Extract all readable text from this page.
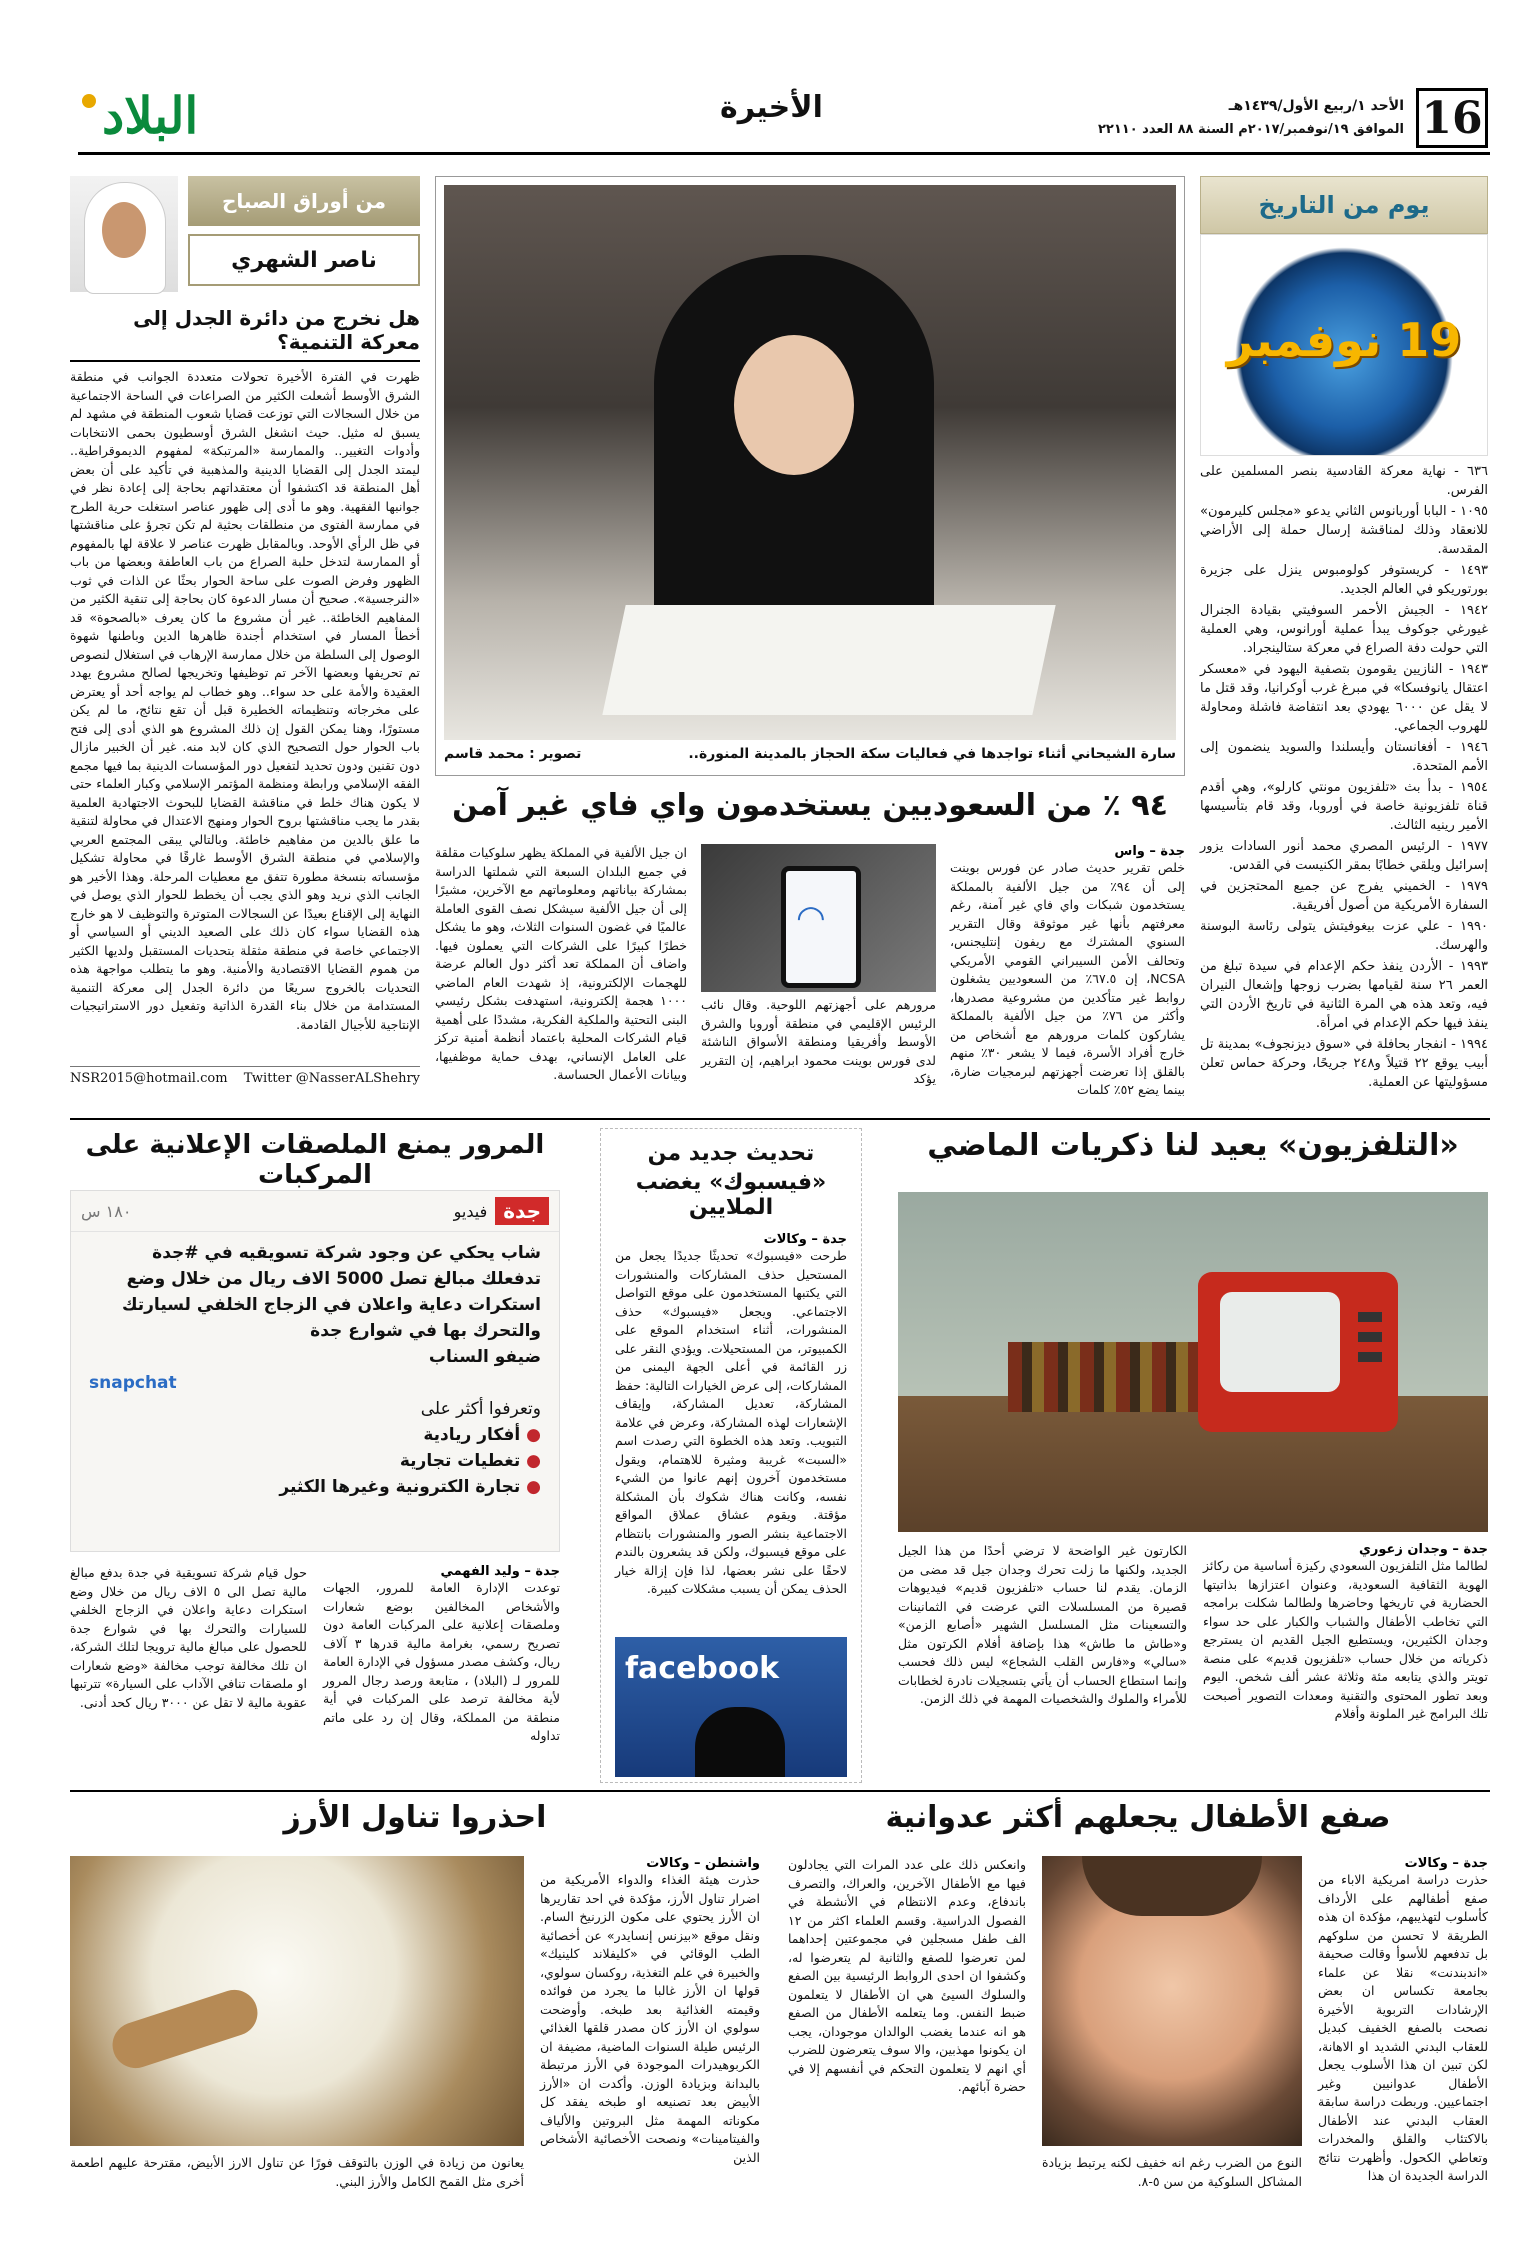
16
الأحد ١/ربيع الأول/١٤٣٩هـ
الموافق ١٩/نوفمبر/٢٠١٧م السنة ٨٨ العدد ٢٢١١٠
الأخيرة
البلاد
يوم من التاريخ
19 نوفمبر

٦٣٦ - نهاية معركة القادسية بنصر المسلمين على الفرس.

١٠٩٥ - البابا أوربانوس الثاني يدعو «مجلس كليرمون» للانعقاد وذلك لمناقشة إرسال حملة إلى الأراضي المقدسة.

١٤٩٣ - كريستوفر كولومبوس ينزل على جزيرة بورتوريكو في العالم الجديد.

١٩٤٢ - الجيش الأحمر السوفيتي بقيادة الجنرال غيورغي جوكوف يبدأ عملية أورانوس، وهي العملية التي حولت دفة الصراع في معركة ستالينجراد.

١٩٤٣ - النازيين يقومون بتصفية اليهود في «معسكر اعتقال يانوفسكا» في مبرغ غرب أوكرانيا، وقد قتل ما لا يقل عن ٦٠٠٠ يهودي بعد انتفاضة فاشلة ومحاولة للهروب الجماعي.

١٩٤٦ - أفغانستان وأيسلندا والسويد ينضمون إلى الأمم المتحدة.

١٩٥٤ - بدأ بث «تلفزيون مونتي كارلو»، وهي أقدم قناة تلفزيونية خاصة في أوروبا، وقد قام بتأسيسها الأمير رينيه الثالث.

١٩٧٧ - الرئيس المصري محمد أنور السادات يزور إسرائيل ويلقي خطابًا بمقر الكنيست في القدس.

١٩٧٩ - الخميني يفرج عن جميع المحتجزين في السفارة الأمريكية من أصول أفريقية.

١٩٩٠ - علي عزت بيغوفيتش يتولى رئاسة البوسنة والهرسك.

١٩٩٣ - الأردن ينفذ حكم الإعدام في سيدة تبلغ من العمر ٢٦ سنة لقيامها بضرب زوجها وإشعال النيران فيه، وتعد هذه هي المرة الثانية في تاريخ الأردن التي ينفذ فيها حكم الإعدام في امرأة.

١٩٩٤ - انفجار بحافلة في «سوق ديزنجوف» بمدينة تل أبيب يوقع ٢٢ قتيلاً و٢٤٨ جريحًا، وحركة حماس تعلن مسؤوليتها عن العملية.

سارة الشيحاني أثناء تواجدها في فعاليات سكة الحجاز بالمدينة المنورة..
تصوير : محمد قاسم
من أوراق الصباح
ناصر الشهري
هل نخرج من دائرة الجدل إلى معركة التنمية؟
ظهرت في الفترة الأخيرة تحولات متعددة الجوانب في منطقة الشرق الأوسط أشعلت الكثير من الصراعات في الساحة الاجتماعية من خلال السجالات التي توزعت قضايا شعوب المنطقة في مشهد لم يسبق له مثيل. حيث انشغل الشرق أوسطيون بحمى الانتخابات وأدوات التغيير.. والممارسة «المرتبكة» لمفهوم الديموقراطية.. ليمتد الجدل إلى القضايا الدينية والمذهبية في تأكيد على أن بعض أهل المنطقة قد اكتشفوا أن معتقداتهم بحاجة إلى إعادة نظر في جوانبها الفقهية. وهو ما أدى إلى ظهور عناصر استغلت حرية الطرح في ممارسة الفتوى من منطلقات بحثية لم تكن تجرؤ على مناقشتها في ظل الرأي الأوحد. وبالمقابل ظهرت عناصر لا علاقة لها بالمفهوم أو الممارسة لتدخل حلبة الصراع من باب العاطفة وبعضها من باب الظهور وفرض الصوت على ساحة الحوار بحثًا عن الذات في ثوب «النرجسية». صحيح أن مسار الدعوة كان بحاجة إلى تنقية الكثير من المفاهيم الخاطئة.. غير أن مشروع ما كان يعرف «بالصحوة» قد أخطأ المسار في استخدام أجندة ظاهرها الدين وباطنها شهوة الوصول إلى السلطة من خلال ممارسة الإرهاب في استغلال لنصوص تم تحريفها وبعضها الآخر تم توظيفها وتخريجها لصالح مشروع يهدد العقيدة والأمة على حد سواء.. وهو خطاب لم يواجه أحد أو يعترض على مخرجاته وتنظيماته الخطيرة قبل أن تقع نتائج، ما لم يكن مستورًا، وهنا يمكن القول إن ذلك المشروع هو الذي أدى إلى فتح باب الحوار حول التصحيح الذي كان لابد منه. غير أن الخبير مازال دون تقنين ودون تحديد لتفعيل دور المؤسسات الدينية بما فيها مجمع الفقه الإسلامي ورابطة ومنظمة المؤتمر الإسلامي وكبار العلماء حتى لا يكون هناك خلط في مناقشة القضايا للبحوث الاجتهادية العلمية بقدر ما يجب مناقشتها بروح الحوار ومنهج الاعتدال في محاولة لتنقية ما علق بالدين من مفاهيم خاطئة. وبالتالي يبقى المجتمع العربي والإسلامي في منطقة الشرق الأوسط غارقًا في محاولة تشكيل مؤسساته بنسخة مطورة تتفق مع معطيات المرحلة. وهذا الأخير هو الجانب الذي نريد وهو الذي يجب أن يخطط للحوار الذي يوصل في النهاية إلى الإقناع بعيدًا عن السجالات المتوترة والتوظيف لا هو خارج هذه القضايا سواء كان ذلك على الصعيد الديني أو السياسي أو الاجتماعي خاصة في منطقة مثقلة بتحديات المستقبل ولديها الكثير من هموم القضايا الاقتصادية والأمنية. وهو ما يتطلب مواجهة هذه التحديات بالخروج سريعًا من دائرة الجدل إلى معركة التنمية المستدامة من خلال بناء القدرة الذاتية وتفعيل دور الاستراتيجيات الإنتاجية للأجيال القادمة.
NSR2015@hotmail.com Twitter @NasserALShehry
٩٤ ٪ من السعوديين يستخدمون واي فاي غير آمن
جدة – واس
خلص تقرير حديث صادر عن فورس بوينت إلى أن ٩٤٪ من جيل الألفية بالمملكة يستخدمون شبكات واي فاي غير آمنة، رغم معرفتهم بأنها غير موثوقة وقال التقرير السنوي المشترك مع ريفون إنتليجنس، وتحالف الأمن السيبراني القومي الأمريكي NCSA، إن ٦٧.٥٪ من السعوديين يشغلون روابط غير متأكدين من مشروعية مصدرها، وأكثر من ٧٦٪ من جيل الألفية بالمملكة يشاركون كلمات مرورهم مع أشخاص من خارج أفراد الأسرة، فيما لا يشعر ٣٠٪ منهم بالقلق إذا تعرضت أجهزتهم لبرمجيات ضارة، بينما يضع ٥٢٪ كلمات
◠
مرورهم على أجهزتهم اللوحية. وقال نائب الرئيس الإقليمي في منطقة أوروبا والشرق الأوسط وأفريقيا ومنطقة الأسواق الناشئة لدى فورس بوينت محمود ابراهيم، إن التقرير يؤكد
ان جيل الألفية في المملكة يظهر سلوكيات مقلقة في جميع البلدان السبعة التي شملتها الدراسة بمشاركة بياناتهم ومعلوماتهم مع الآخرين، مشيرًا إلى أن جيل الألفية سيشكل نصف القوى العاملة عالميًا في غضون السنوات الثلاث، وهو ما يشكل خطرًا كبيرًا على الشركات التي يعملون فيها. واضاف أن المملكة تعد أكثر دول العالم عرضة للهجمات الإلكترونية، إذ شهدت العام الماضي ١٠٠٠ هجمة إلكترونية، استهدفت بشكل رئيسي البنى التحتية والملكية الفكرية، مشددًا على أهمية قيام الشركات المحلية باعتماد أنظمة أمنية تركز على العامل الإنساني، بهدف حماية موظفيها، وبيانات الأعمال الحساسة.
المرور يمنع الملصقات الإعلانية على المركبات
جدة
فيديو
١٨٠ س
شاب يحكي عن وجود شركة تسويقيه في #جدة
تدفعلك مبالغ تصل 5000 الاف ريال من خلال وضع
استكرات دعاية واعلان في الزجاج الخلفي لسيارتك
والتحرك بها في شوارع جدة
ضيفو السناب
snapchat
وتعرفوا أكثر على
● أفكار ريادية
● تغطيات تجارية
● تجارة الكترونية وغيرها الكثير
جدة – وليد الفهمي
توعدت الإدارة العامة للمرور، الجهات والأشخاص المخالفين بوضع شعارات وملصقات إعلانية على المركبات العامة دون تصريح رسمي، بغرامة مالية قدرها ٣ آلاف ريال، وكشف مصدر مسؤول في الإدارة العامة للمرور لـ (البلاد) ، متابعة ورصد رجال المرور لأية مخالفة ترصد على المركبات في أية منطقة من المملكة، وقال إن رد على ماتم تداوله
حول قيام شركة تسويقية في جدة بدفع مبالغ مالية تصل الى ٥ الاف ريال من خلال وضع استكرات دعاية واعلان في الزجاج الخلفي للسيارات والتحرك بها في شوارع جدة للحصول على مبالغ مالية ترويجا لتلك الشركة، ان تلك مخالفة توجب مخالفة «وضع شعارات او ملصقات تنافي الآداب على السيارة» تترتبها عقوبة مالية لا تقل عن ٣٠٠٠ ريال كحد أدنى.
تحديث جديد من
«فيسبوك» يغضب الملايين
جدة – وكالات
طرحت «فيسبوك» تحديثًا جديدًا يجعل من المستحيل حذف المشاركات والمنشورات التي يكتبها المستخدمون على موقع التواصل الاجتماعي. ويجعل «فيسبوك» حذف المنشورات، أثناء استخدام الموقع على الكمبيوتر، من المستحيلات. ويؤدي النقر على زر القائمة في أعلى الجهة اليمنى من المشاركات، إلى عرض الخيارات التالية: حفظ المشاركة، تعديل المشاركة، وإيقاف الإشعارات لهذه المشاركة، وعرض في علامة التبويب. وتعد هذه الخطوة التي رصدت اسم «السبت» غريبة ومثيرة للاهتمام، ويقول مستخدمون آخرون إنهم عانوا من الشيء نفسه، وكانت هناك شكوك بأن المشكلة مؤقتة. ويقوم عشاق عملاق المواقع الاجتماعية بنشر الصور والمنشورات بانتظام على موقع فيسبوك، ولكن قد يشعرون بالندم لاحقًا على نشر بعضها، لذا فإن إزالة خيار الحذف يمكن أن يسبب مشكلات كبيرة.
facebook
«التلفزيون» يعيد لنا ذكريات الماضي
جدة – وجدان زعوري
لطالما مثل التلفزيون السعودي ركيزة أساسية من ركائز الهوية الثقافية السعودية، وعنوان اعتزازها بذاتيتها الحضارية في تاريخها وحاضرها ولطالما شكلت برامجه التي تخاطب الأطفال والشباب والكبار على حد سواء وجدان الكثيرين، ويستطيع الجيل القديم ان يسترجع ذكرياته من خلال حساب «تلفزيون قديم» على منصة تويتر والذي يتابعه مئة وثلاثة عشر ألف شخص. اليوم وبعد تطور المحتوى والتقنية ومعدات التصوير أصبحت تلك البرامج غير الملونة وأفلام
الكارتون غير الواضحة لا ترضي أحدًا من هذا الجيل الجديد، ولكنها ما زلت تحرك وجدان جيل قد مضى من الزمان. يقدم لنا حساب «تلفزيون قديم» فيديوهات قصيرة من المسلسلات التي عرضت في الثمانينات والتسعينات مثل المسلسل الشهير «أصابع الزمن» و«طاش ما طاش» هذا بإضافة أفلام الكرتون مثل «سالي» و«فارس القلب الشجاع» ليس ذلك فحسب وإنما استطاع الحساب أن يأتي بتسجيلات نادرة لخطابات للأمراء والملوك والشخصيات المهمة في ذلك الزمن.
صفع الأطفال يجعلهم أكثر عدوانية
جدة – وكالات
حذرت دراسة امريكية الاباء من صفع أطفالهم على الأرداف كأسلوب لتهذيبهم، مؤكدة ان هذه الطريقة لا تحسن من سلوكهم بل تدفعهم للأسوأ وقالت صحيفة «اندبندنت» نقلا عن علماء بجامعة تكساس ان بعض الإرشادات التربوية الأخيرة نصحت بالصفع الخفيف كبديل للعقاب البدني الشديد او الاهانة، لكن تبين ان هذا الأسلوب يجعل الأطفال عدوانيين وغير اجتماعيين. وربطت دراسة سابقة العقاب البدني عند الأطفال بالاكتئاب والقلق والمخدرات وتعاطي الكحول. وأظهرت نتائج الدراسة الجديدة ان هذا
النوع من الضرب رغم انه خفيف لكنه يرتبط بزيادة المشاكل السلوكية من سن ٥-٨.
وانعكس ذلك على عدد المرات التي يجادلون فيها مع الأطفال الآخرين، والعراك، والتصرف باندفاع، وعدم الانتظام في الأنشطة في الفصول الدراسية. وقسم العلماء اكثر من ١٢ الف طفل مسجلين في مجموعتين إحداهما لمن تعرضوا للصفع والثانية لم يتعرضوا له، وكشفوا ان احدى الروابط الرئيسية بين الصفع والسلوك السيئ هي ان الأطفال لا يتعلمون ضبط النفس. وما يتعلمه الأطفال من الصفع هو انه عندما يغضب الوالدان موجودان، يجب ان يكونوا مهذبين، والا سوف يتعرضون للضرب أي انهم لا يتعلمون التحكم في أنفسهم إلا في حضرة آبائهم.
احذروا تناول الأرز
واشنطن – وكالات
حذرت هيئة الغذاء والدواء الأمريكية من اضرار تناول الأرز، مؤكدة في احد تقاريرها ان الأرز يحتوي على مكون الزرنيخ السام. ونقل موقع «بيزنس إنسايدر» عن أخصائية الطب الوقائي في «كليفلاند كلينيك» والخبيرة في علم التغذية، روكسان سولوي، قولها ان الأرز غالبا ما يجرد من فوائده وقيمته الغذائية بعد طبخه. وأوضحت سولوي ان الأرز كان مصدر قلقها الغذائي الرئيس طيلة السنوات الماضية، مضيفة ان الكربوهيدرات الموجودة في الأرز مرتبطة بالبدانة وبزيادة الوزن. وأكدت ان «الأرز الأبيض بعد تصنيعه او طبخه يفقد كل مكوناته المهمة مثل البروتين والألياف والفيتامينات» ونصحت الأخصائية الأشخاص الذين
يعانون من زيادة في الوزن بالتوقف فورًا عن تناول الارز الأبيض، مقترحة عليهم اطعمة أخرى مثل القمح الكامل والأرز البني.
